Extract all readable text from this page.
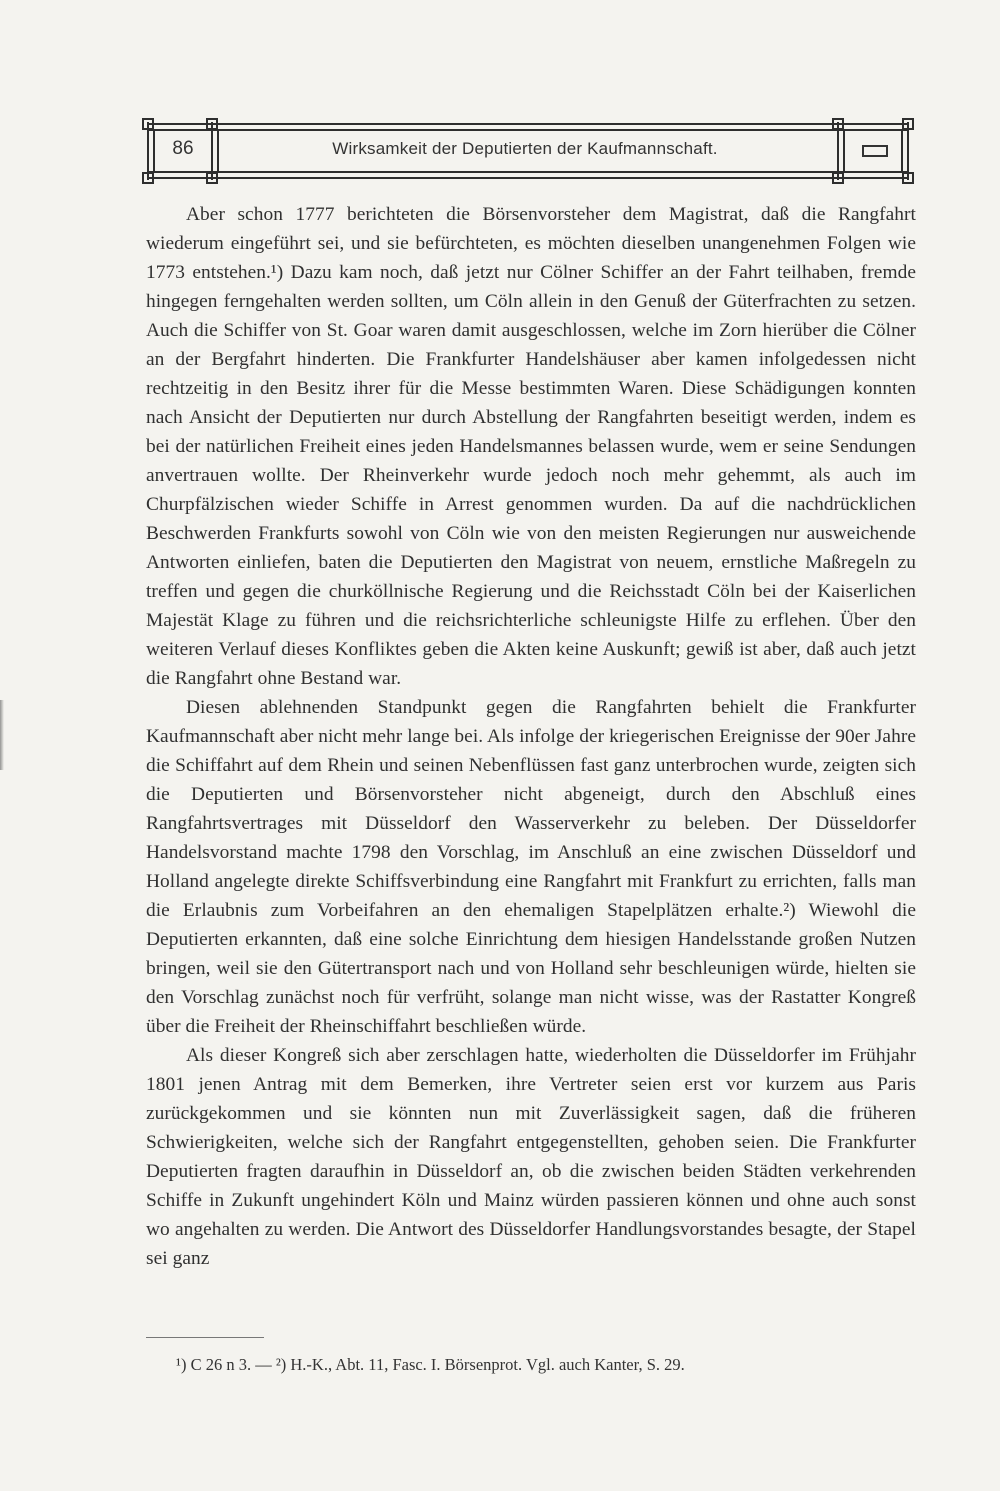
86	Wirksamkeit der Deputierten der Kaufmannschaft.

Aber schon 1777 berichteten die Börsenvorsteher dem Magistrat, daß die Rangfahrt wiederum eingeführt sei, und sie befürchteten, es möchten dieselben unangenehmen Folgen wie 1773 entstehen.¹) Dazu kam noch, daß jetzt nur Cölner Schiffer an der Fahrt teilhaben, fremde hingegen ferngehalten werden sollten, um Cöln allein in den Genuß der Güterfrachten zu setzen. Auch die Schiffer von St. Goar waren damit ausgeschlossen, welche im Zorn hierüber die Cölner an der Bergfahrt hinderten. Die Frankfurter Handelshäuser aber kamen infolgedessen nicht rechtzeitig in den Besitz ihrer für die Messe bestimmten Waren. Diese Schädigungen konnten nach Ansicht der Deputierten nur durch Abstellung der Rangfahrten beseitigt werden, indem es bei der natürlichen Freiheit eines jeden Handelsmannes belassen wurde, wem er seine Sendungen anvertrauen wollte. Der Rheinverkehr wurde jedoch noch mehr gehemmt, als auch im Churpfälzischen wieder Schiffe in Arrest genommen wurden. Da auf die nachdrücklichen Beschwerden Frankfurts sowohl von Cöln wie von den meisten Regierungen nur ausweichende Antworten einliefen, baten die Deputierten den Magistrat von neuem, ernstliche Maßregeln zu treffen und gegen die churköllnische Regierung und die Reichsstadt Cöln bei der Kaiserlichen Majestät Klage zu führen und die reichsrichterliche schleunigste Hilfe zu erflehen. Über den weiteren Verlauf dieses Konfliktes geben die Akten keine Auskunft; gewiß ist aber, daß auch jetzt die Rangfahrt ohne Bestand war.

Diesen ablehnenden Standpunkt gegen die Rangfahrten behielt die Frankfurter Kaufmannschaft aber nicht mehr lange bei. Als infolge der kriegerischen Ereignisse der 90er Jahre die Schiffahrt auf dem Rhein und seinen Nebenflüssen fast ganz unterbrochen wurde, zeigten sich die Deputierten und Börsenvorsteher nicht abgeneigt, durch den Abschluß eines Rangfahrtsvertrages mit Düsseldorf den Wasserverkehr zu beleben. Der Düsseldorfer Handelsvorstand machte 1798 den Vorschlag, im Anschluß an eine zwischen Düsseldorf und Holland angelegte direkte Schiffsverbindung eine Rangfahrt mit Frankfurt zu errichten, falls man die Erlaubnis zum Vorbeifahren an den ehemaligen Stapelplätzen erhalte.²) Wiewohl die Deputierten erkannten, daß eine solche Einrichtung dem hiesigen Handelsstande großen Nutzen bringen, weil sie den Gütertransport nach und von Holland sehr beschleunigen würde, hielten sie den Vorschlag zunächst noch für verfrüht, solange man nicht wisse, was der Rastatter Kongreß über die Freiheit der Rheinschiffahrt beschließen würde.

Als dieser Kongreß sich aber zerschlagen hatte, wiederholten die Düsseldorfer im Frühjahr 1801 jenen Antrag mit dem Bemerken, ihre Vertreter seien erst vor kurzem aus Paris zurückgekommen und sie könnten nun mit Zuverlässigkeit sagen, daß die früheren Schwierigkeiten, welche sich der Rangfahrt entgegenstellten, gehoben seien. Die Frankfurter Deputierten fragten daraufhin in Düsseldorf an, ob die zwischen beiden Städten verkehrenden Schiffe in Zukunft ungehindert Köln und Mainz würden passieren können und ohne auch sonst wo angehalten zu werden. Die Antwort des Düsseldorfer Handlungsvorstandes besagte, der Stapel sei ganz

¹) C 26 n 3. — ²) H.-K., Abt. 11, Fasc. I. Börsenprot. Vgl. auch Kanter, S. 29.
